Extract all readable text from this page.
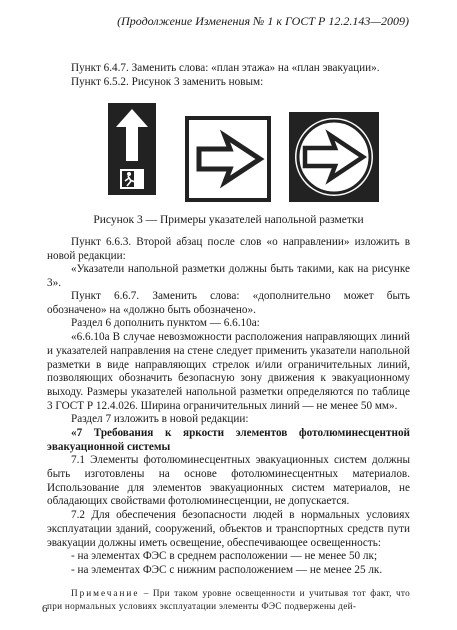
(Продолжение Изменения № 1 к ГОСТ Р 12.2.143—2009)

Пункт 6.4.7. Заменить слова: «план этажа» на «план эвакуации».

Пункт 6.5.2. Рисунок 3 заменить новым:

Рисунок 3 — Примеры указателей напольной разметки

Пункт 6.6.3. Второй абзац после слов «о направлении» изложить в новой редакции:

«Указатели напольной разметки должны быть такими, как на рисунке 3».

Пункт 6.6.7. Заменить слова: «дополнительно может быть обозначено» на «должно быть обозначено».

Раздел 6 дополнить пунктом — 6.6.10а:

«6.6.10а В случае невозможности расположения направляющих линий и указателей направления на стене следует применить указатели напольной разметки в виде направляющих стрелок и/или ограничительных линий, позволяющих обозначить безопасную зону движения к эвакуационному выходу. Размеры указателей напольной разметки определяются по таблице 3 ГОСТ Р 12.4.026. Ширина ограничительных линий — не менее 50 мм».

Раздел 7 изложить в новой редакции:

«7 Требования к яркости элементов фотолюминесцентной эвакуационной системы

7.1 Элементы фотолюминесцентных эвакуационных систем должны быть изготовлены на основе фотолюминесцентных материалов. Использование для элементов эвакуационных систем материалов, не обладающих свойствами фотолюминесценции, не допускается.

7.2 Для обеспечения безопасности людей в нормальных условиях эксплуатации зданий, сооружений, объектов и транспортных средств пути эвакуации должны иметь освещение, обеспечивающее освещенность:

- на элементах ФЭС в среднем расположении — не менее 50 лк;

- на элементах ФЭС с нижним расположением — не менее 25 лк.

Примечание – При таком уровне освещенности и учитывая тот факт, что при нормальных условиях эксплуатации элементы ФЭС подвержены дей-
6
